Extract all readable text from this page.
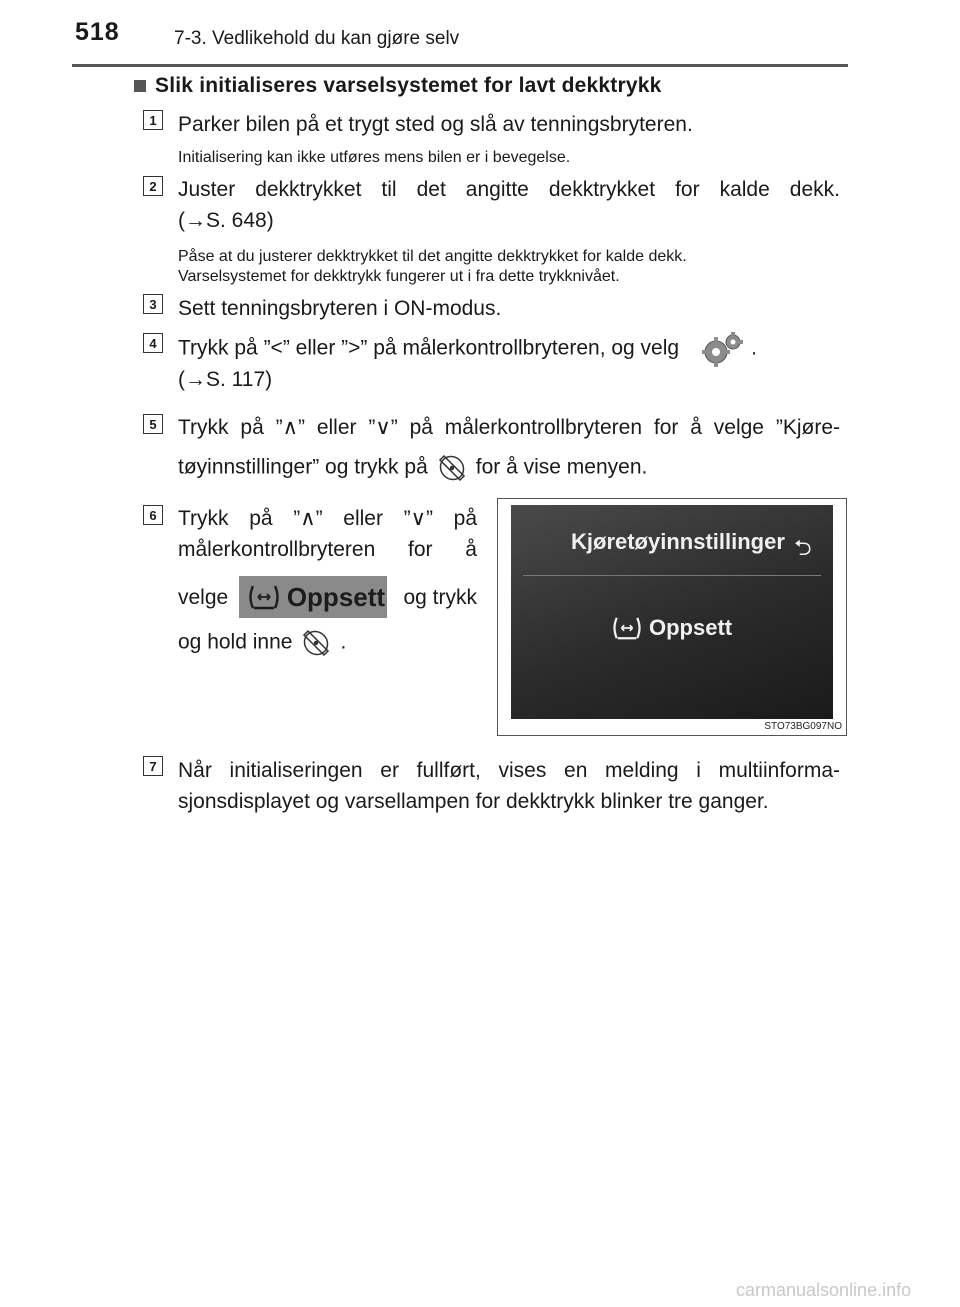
518	7-3. Vedlikehold du kan gjøre selv
Slik initialiseres varselsystemet for lavt dekktrykk
1	Parker bilen på et trygt sted og slå av tenningsbryteren.
Initialisering kan ikke utføres mens bilen er i bevegelse.
2	Juster dekktrykket til det angitte dekktrykket for kalde dekk.
(→S. 648)
Påse at du justerer dekktrykket til det angitte dekktrykket for kalde dekk.
Varselsystemet for dekktrykk fungerer ut i fra dette trykknivået.
3	Sett tenningsbryteren i ON-modus.
4	Trykk på ”<” eller ”>” på målerkontrollbryteren, og velg	.
(→S. 117)
5	Trykk på ”∧” eller ”∨” på målerkontrollbryteren for å velge ”Kjøre-
tøyinnstillinger” og trykk på for å vise menyen.
6	Trykk på ”∧” eller ”∨” på
målerkontrollbryteren for å
velge Oppsett og trykk
og hold inne .
Kjøretøyinnstillinger ⮌
Oppsett
STO73BG097NO
7	Når initialiseringen er fullført, vises en melding i multiinforma-
sjonsdisplayet og varsellampen for dekktrykk blinker tre ganger.
carmanualsonline.info
